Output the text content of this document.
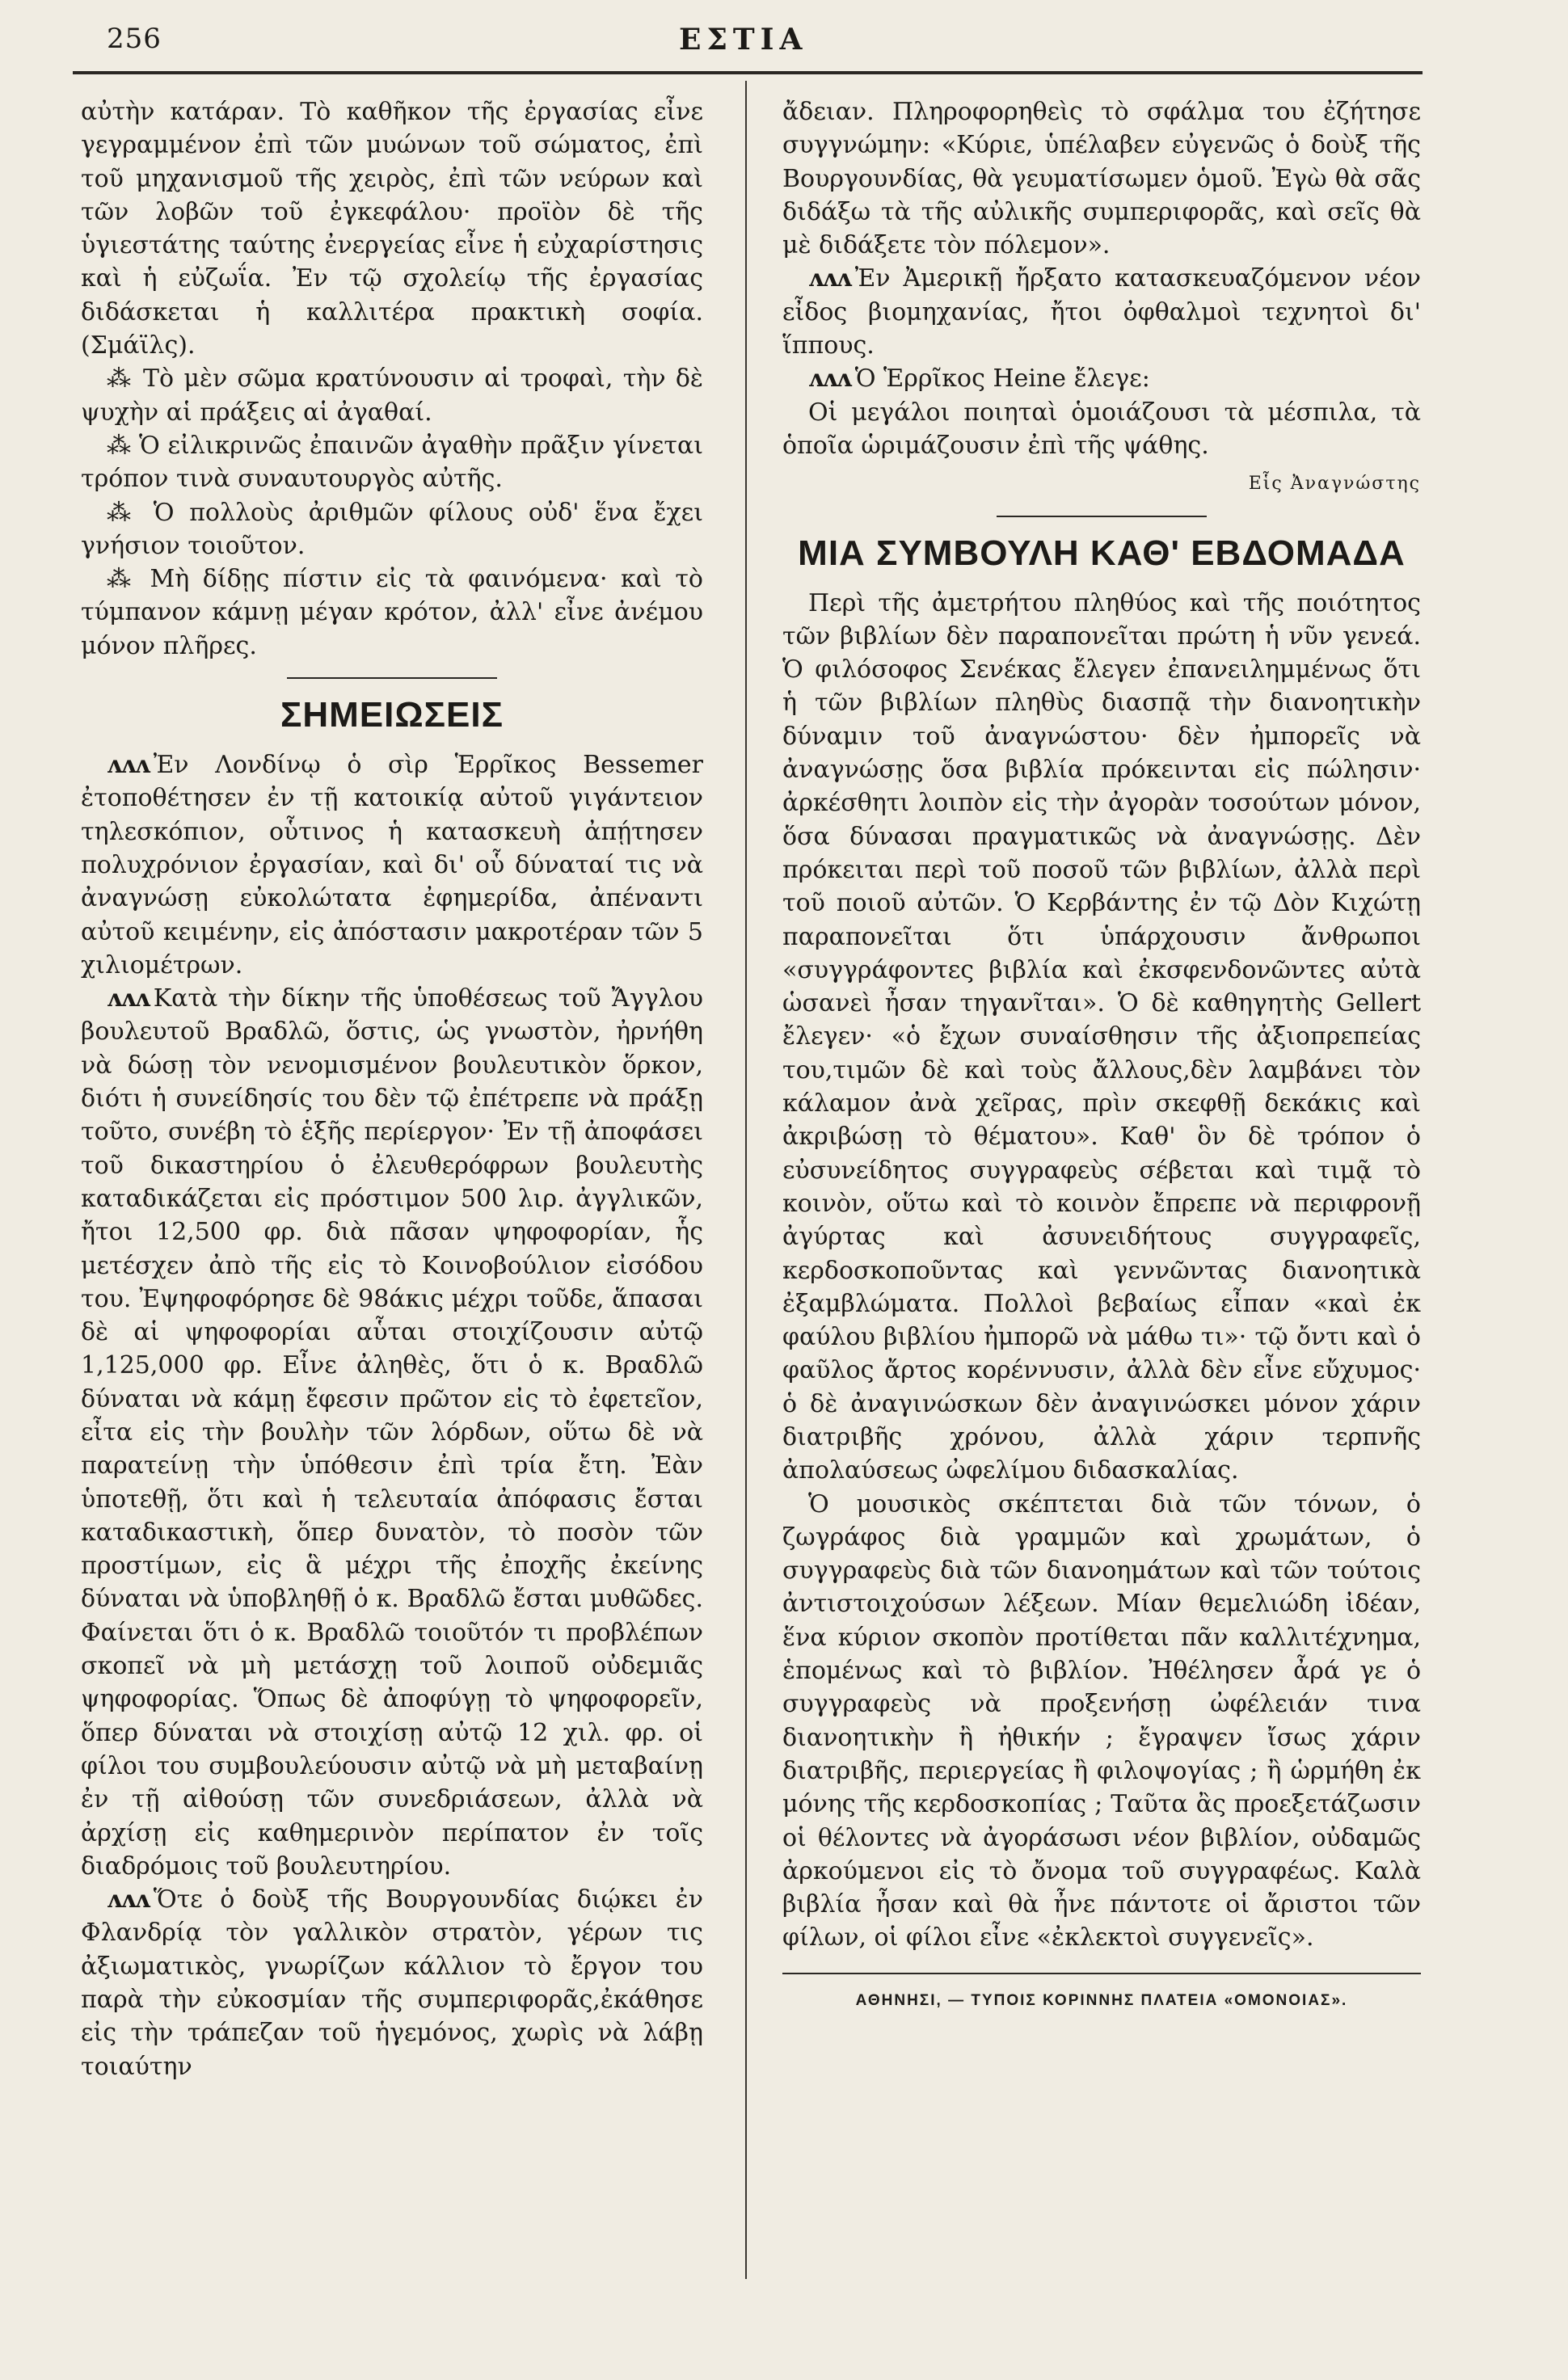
256	ΕΣΤΙΑ

αὐτὴν κατάραν. Τὸ καθῆκον τῆς ἐργασίας εἶνε γεγραμμένον ἐπὶ τῶν μυώνων τοῦ σώματος, ἐπὶ τοῦ μηχανισμοῦ τῆς χειρὸς, ἐπὶ τῶν νεύρων καὶ τῶν λοβῶν τοῦ ἐγκεφάλου· προϊὸν δὲ τῆς ὑγιεστάτης ταύτης ἐνεργείας εἶνε ἡ εὐχαρίστησις καὶ ἡ εὐζωΐα. Ἐν τῷ σχολείῳ τῆς ἐργασίας διδάσκεται ἡ καλλιτέρα πρακτικὴ σοφία. (Σμάϊλς).

⁂ Τὸ μὲν σῶμα κρατύνουσιν αἱ τροφαὶ, τὴν δὲ ψυχὴν αἱ πράξεις αἱ ἀγαθαί.

⁂ Ὁ εἰλικρινῶς ἐπαινῶν ἀγαθὴν πρᾶξιν γίνεται τρόπον τινὰ συναυτουργὸς αὐτῆς.

⁂ Ὁ πολλοὺς ἀριθμῶν φίλους οὐδ' ἕνα ἔχει γνήσιον τοιοῦτον.

⁂ Μὴ δίδῃς πίστιν εἰς τὰ φαινόμενα· καὶ τὸ τύμπανον κάμνῃ μέγαν κρότον, ἀλλ' εἶνε ἀνέμου μόνον πλῆρες.

ΣΗΜΕΙΩΣΕΙΣ

ʌʌʌ Ἐν Λονδίνῳ ὁ σὶρ Ἑρρῖκος Bessemer ἐτοποθέτησεν ἐν τῇ κατοικίᾳ αὐτοῦ γιγάντειον τηλεσκόπιον, οὗτινος ἡ κατασκευὴ ἀπῄτησεν πολυχρόνιον ἐργασίαν, καὶ δι' οὗ δύναταί τις νὰ ἀναγνώσῃ εὐκολώτατα ἐφημερίδα, ἀπέναντι αὐτοῦ κειμένην, εἰς ἀπόστασιν μακροτέραν τῶν 5 χιλιομέτρων.

ʌʌʌ Κατὰ τὴν δίκην τῆς ὑποθέσεως τοῦ Ἄγγλου βουλευτοῦ Βραδλῶ, ὅστις, ὡς γνωστὸν, ἠρνήθη νὰ δώσῃ τὸν νενομισμένον βουλευτικὸν ὅρκον, διότι ἡ συνείδησίς του δὲν τῷ ἐπέτρεπε νὰ πράξῃ τοῦτο, συνέβη τὸ ἑξῆς περίεργον· Ἐν τῇ ἀποφάσει τοῦ δικαστηρίου ὁ ἐλευθερόφρων βουλευτὴς καταδικάζεται εἰς πρόστιμον 500 λιρ. ἀγγλικῶν, ἤτοι 12,500 φρ. διὰ πᾶσαν ψηφοφορίαν, ἧς μετέσχεν ἀπὸ τῆς εἰς τὸ Κοινοβούλιον εἰσόδου του. Ἐψηφοφόρησε δὲ 98άκις μέχρι τοῦδε, ἅπασαι δὲ αἱ ψηφοφορίαι αὗται στοιχίζουσιν αὐτῷ 1,125,000 φρ. Εἶνε ἀληθὲς, ὅτι ὁ κ. Βραδλῶ δύναται νὰ κάμῃ ἔφεσιν πρῶτον εἰς τὸ ἐφετεῖον, εἶτα εἰς τὴν βουλὴν τῶν λόρδων, οὕτω δὲ νὰ παρατείνῃ τὴν ὑπόθεσιν ἐπὶ τρία ἔτη. Ἐὰν ὑποτεθῇ, ὅτι καὶ ἡ τελευταία ἀπόφασις ἔσται καταδικαστικὴ, ὅπερ δυνατὸν, τὸ ποσὸν τῶν προστίμων, εἰς ἃ μέχρι τῆς ἐποχῆς ἐκείνης δύναται νὰ ὑποβληθῇ ὁ κ. Βραδλῶ ἔσται μυθῶδες. Φαίνεται ὅτι ὁ κ. Βραδλῶ τοιοῦτόν τι προβλέπων σκοπεῖ νὰ μὴ μετάσχῃ τοῦ λοιποῦ οὐδεμιᾶς ψηφοφορίας. Ὅπως δὲ ἀποφύγῃ τὸ ψηφοφορεῖν, ὅπερ δύναται νὰ στοιχίσῃ αὐτῷ 12 χιλ. φρ. οἱ φίλοι του συμβουλεύουσιν αὐτῷ νὰ μὴ μεταβαίνῃ ἐν τῇ αἰθούσῃ τῶν συνεδριάσεων, ἀλλὰ νὰ ἀρχίσῃ εἰς καθημερινὸν περίπατον ἐν τοῖς διαδρόμοις τοῦ βουλευτηρίου.

ʌʌʌ Ὅτε ὁ δοὺξ τῆς Βουργουνδίας διῴκει ἐν Φλανδρίᾳ τὸν γαλλικὸν στρατὸν, γέρων τις ἀξιωματικὸς, γνωρίζων κάλλιον τὸ ἔργον του παρὰ τὴν εὐκοσμίαν τῆς συμπεριφορᾶς,ἐκάθησε εἰς τὴν τράπεζαν τοῦ ἡγεμόνος, χωρὶς νὰ λάβῃ τοιαύτην

ἄδειαν. Πληροφορηθεὶς τὸ σφάλμα του ἐζήτησε συγγνώμην: «Κύριε, ὑπέλαβεν εὐγενῶς ὁ δοὺξ τῆς Βουργουνδίας, θὰ γευματίσωμεν ὁμοῦ. Ἐγὼ θὰ σᾶς διδάξω τὰ τῆς αὐλικῆς συμπεριφορᾶς, καὶ σεῖς θὰ μὲ διδάξετε τὸν πόλεμον».

ʌʌʌ Ἐν Ἀμερικῇ ἤρξατο κατασκευαζόμενον νέον εἶδος βιομηχανίας, ἤτοι ὀφθαλμοὶ τεχνητοὶ δι' ἵππους.

ʌʌʌ Ὁ Ἑρρῖκος Heine ἔλεγε:

Οἱ μεγάλοι ποιηταὶ ὁμοιάζουσι τὰ μέσπιλα, τὰ ὁποῖα ὡριμάζουσιν ἐπὶ τῆς ψάθης.

Εἷς Ἀναγνώστης
ΜΙΑ ΣΥΜΒΟΥΛΗ ΚΑΘ' ΕΒΔΟΜΑΔΑ

Περὶ τῆς ἀμετρήτου πληθύος καὶ τῆς ποιότητος τῶν βιβλίων δὲν παραπονεῖται πρώτη ἡ νῦν γενεά. Ὁ φιλόσοφος Σενέκας ἔλεγεν ἐπανειλημμένως ὅτι ἡ τῶν βιβλίων πληθὺς διασπᾷ τὴν διανοητικὴν δύναμιν τοῦ ἀναγνώστου· δὲν ἠμπορεῖς νὰ ἀναγνώσῃς ὅσα βιβλία πρόκεινται εἰς πώλησιν· ἀρκέσθητι λοιπὸν εἰς τὴν ἀγορὰν τοσούτων μόνον, ὅσα δύνασαι πραγματικῶς νὰ ἀναγνώσῃς. Δὲν πρόκειται περὶ τοῦ ποσοῦ τῶν βιβλίων, ἀλλὰ περὶ τοῦ ποιοῦ αὐτῶν. Ὁ Κερβάντης ἐν τῷ Δὸν Κιχώτῃ παραπονεῖται ὅτι ὑπάρχουσιν ἄνθρωποι «συγγράφοντες βιβλία καὶ ἐκσφενδονῶντες αὐτὰ ὡσανεὶ ἦσαν τηγανῖται». Ὁ δὲ καθηγητὴς Gellert ἔλεγεν· «ὁ ἔχων συναίσθησιν τῆς ἀξιοπρεπείας του,τιμῶν δὲ καὶ τοὺς ἄλλους,δὲν λαμβάνει τὸν κάλαμον ἀνὰ χεῖρας, πρὶν σκεφθῇ δεκάκις καὶ ἀκριβώσῃ τὸ θέματου». Καθ' ὃν δὲ τρόπον ὁ εὐσυνείδητος συγγραφεὺς σέβεται καὶ τιμᾷ τὸ κοινὸν, οὕτω καὶ τὸ κοινὸν ἔπρεπε νὰ περιφρονῇ ἀγύρτας καὶ ἀσυνειδήτους συγγραφεῖς, κερδοσκοποῦντας καὶ γεννῶντας διανοητικὰ ἐξαμβλώματα. Πολλοὶ βεβαίως εἶπαν «καὶ ἐκ φαύλου βιβλίου ἠμπορῶ νὰ μάθω τι»· τῷ ὄντι καὶ ὁ φαῦλος ἄρτος κορέννυσιν, ἀλλὰ δὲν εἶνε εὔχυμος· ὁ δὲ ἀναγινώσκων δὲν ἀναγινώσκει μόνον χάριν διατριβῆς χρόνου, ἀλλὰ χάριν τερπνῆς ἀπολαύσεως ὠφελίμου διδασκαλίας.

Ὁ μουσικὸς σκέπτεται διὰ τῶν τόνων, ὁ ζωγράφος διὰ γραμμῶν καὶ χρωμάτων, ὁ συγγραφεὺς διὰ τῶν διανοημάτων καὶ τῶν τούτοις ἀντιστοιχούσων λέξεων. Μίαν θεμελιώδη ἰδέαν, ἕνα κύριον σκοπὸν προτίθεται πᾶν καλλιτέχνημα, ἑπομένως καὶ τὸ βιβλίον. Ἠθέλησεν ἆρά γε ὁ συγγραφεὺς νὰ προξενήσῃ ὠφέλειάν τινα διανοητικὴν ἢ ἠθικήν ; ἔγραψεν ἴσως χάριν διατριβῆς, περιεργείας ἢ φιλοψογίας ; ἢ ὡρμήθη ἐκ μόνης τῆς κερδοσκοπίας ; Ταῦτα ἂς προεξετάζωσιν οἱ θέλοντες νὰ ἀγοράσωσι νέον βιβλίον, οὐδαμῶς ἀρκούμενοι εἰς τὸ ὄνομα τοῦ συγγραφέως. Καλὰ βιβλία ἦσαν καὶ θὰ ἦνε πάντοτε οἱ ἄριστοι τῶν φίλων, οἱ φίλοι εἶνε «ἐκλεκτοὶ συγγενεῖς».

ΑΘΗΝΗΣΙ, — ΤΥΠΟΙΣ ΚΟΡΙΝΝΗΣ ΠΛΑΤΕΙΑ «ΟΜΟΝΟΙΑΣ».
